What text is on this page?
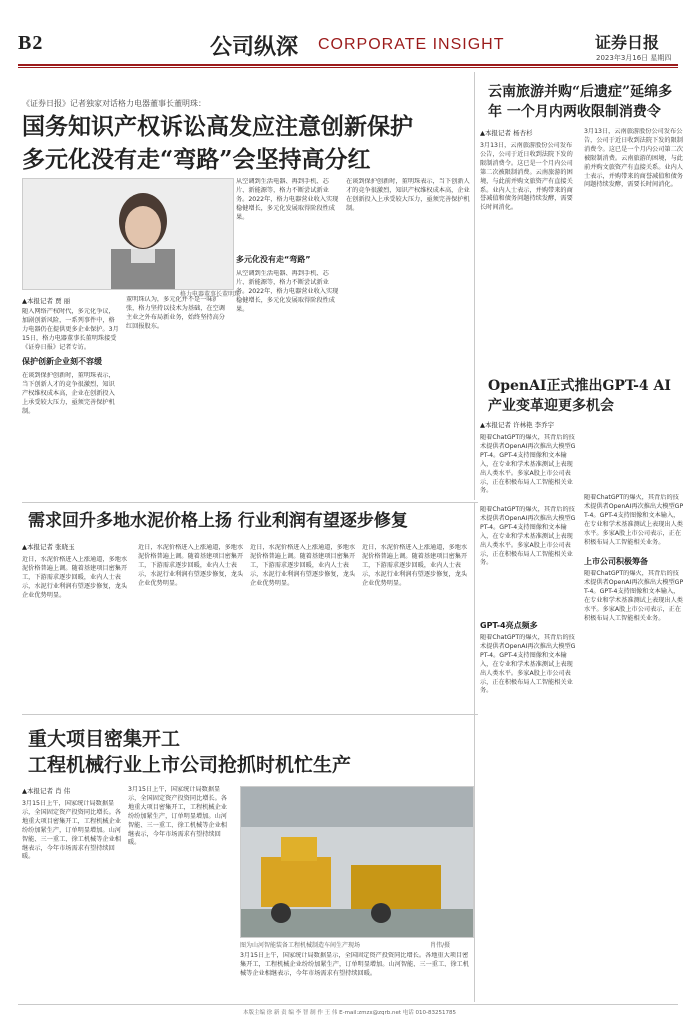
B2	公司纵深 CORPORATE INSIGHT	证券日报
2023年3月16日 星期四
《证券日报》记者独家对话格力电器董事长董明珠：
国务知识产权诉讼高发应注意创新保护
多元化没有走“弯路”会坚持高分红
格力电器董事长董明珠
▲本报记者 贾 丽
随入网络产权时代，多元化争议，加剧创新风险，一系列事件中，格力电器仍在提供更多企业保护。3月15日，格力电器董事长董明珠接受《证券日报》记者专访。
保护创新企业刻不容缓
在谈到保护创新时，董明珠表示，当下创新人才的竞争很激烈，知识产权维权成本高，企业在创新投入上承受较大压力，亟须完善保护机制。
董明珠认为，多元化并不是一味扩张，格力坚持以技术为基础，在空调主业之外布局新业务，始终坚持高分红回报股东。
从空调到生活电器、再到手机、芯片、新能源等，格力不断尝试新业务。2022年，格力电器营业收入实现稳健增长，多元化发展取得阶段性成果。
多元化没有走“弯路”
从空调到生活电器、再到手机、芯片、新能源等，格力不断尝试新业务。2022年，格力电器营业收入实现稳健增长，多元化发展取得阶段性成果。
在谈到保护创新时，董明珠表示，当下创新人才的竞争很激烈，知识产权维权成本高，企业在创新投入上承受较大压力，亟须完善保护机制。
云南旅游并购“后遗症”延绵多年 一个月内两收限制消费令
▲本报记者 杨杏杉
3月13日，云南旅游股份公司发布公告，公司于近日收到法院下发的限制消费令。这已是一个月内公司第二次被限制消费。云南旅游的困境，与此前并购文旅资产有直接关系。业内人士表示，并购带来的商誉减值和债务问题持续发酵，需要长时间消化。
3月13日，云南旅游股份公司发布公告，公司于近日收到法院下发的限制消费令。这已是一个月内公司第二次被限制消费。云南旅游的困境，与此前并购文旅资产有直接关系。业内人士表示，并购带来的商誉减值和债务问题持续发酵，需要长时间消化。
OpenAI正式推出GPT-4 AI产业变革迎更多机会
▲本报记者 许林艳 李乔宇
随着ChatGPT的爆火，其背后的技术提供者OpenAI再次推出大模型GPT-4。GPT-4支持图像和文本输入，在专业和学术基准测试上表现出人类水平。多家A股上市公司表示，正在积极布局人工智能相关业务。
需求回升多地水泥价格上扬 行业利润有望逐步修复
▲本报记者 张晓玉
近日，水泥价格进入上涨通道，多地水泥价格普遍上调。随着基建项目密集开工，下游需求逐步回暖，业内人士表示，水泥行业利润有望逐步修复，龙头企业优势明显。
近日，水泥价格进入上涨通道，多地水泥价格普遍上调。随着基建项目密集开工，下游需求逐步回暖，业内人士表示，水泥行业利润有望逐步修复，龙头企业优势明显。
近日，水泥价格进入上涨通道，多地水泥价格普遍上调。随着基建项目密集开工，下游需求逐步回暖，业内人士表示，水泥行业利润有望逐步修复，龙头企业优势明显。
近日，水泥价格进入上涨通道，多地水泥价格普遍上调。随着基建项目密集开工，下游需求逐步回暖，业内人士表示，水泥行业利润有望逐步修复，龙头企业优势明显。
重大项目密集开工
工程机械行业上市公司抢抓时机忙生产
▲本报记者 肖 伟
3月15日上午，国家统计局数据显示，全国固定资产投资同比增长。各地重大项目密集开工，工程机械企业纷纷加紧生产，订单明显增加。山河智能、三一重工、徐工机械等企业相继表示，今年市场需求有望持续回暖。
3月15日上午，国家统计局数据显示，全国固定资产投资同比增长。各地重大项目密集开工，工程机械企业纷纷加紧生产，订单明显增加。山河智能、三一重工、徐工机械等企业相继表示，今年市场需求有望持续回暖。
图为山河智能装备工程机械制造车间生产现场	肖伟/摄
3月15日上午，国家统计局数据显示，全国固定资产投资同比增长。各地重大项目密集开工，工程机械企业纷纷加紧生产，订单明显增加。山河智能、三一重工、徐工机械等企业相继表示，今年市场需求有望持续回暖。
随着ChatGPT的爆火，其背后的技术提供者OpenAI再次推出大模型GPT-4。GPT-4支持图像和文本输入，在专业和学术基准测试上表现出人类水平。多家A股上市公司表示，正在积极布局人工智能相关业务。
GPT-4亮点频多
随着ChatGPT的爆火，其背后的技术提供者OpenAI再次推出大模型GPT-4。GPT-4支持图像和文本输入，在专业和学术基准测试上表现出人类水平。多家A股上市公司表示，正在积极布局人工智能相关业务。
随着ChatGPT的爆火，其背后的技术提供者OpenAI再次推出大模型GPT-4。GPT-4支持图像和文本输入，在专业和学术基准测试上表现出人类水平。多家A股上市公司表示，正在积极布局人工智能相关业务。
上市公司积极筹备
随着ChatGPT的爆火，其背后的技术提供者OpenAI再次推出大模型GPT-4。GPT-4支持图像和文本输入，在专业和学术基准测试上表现出人类水平。多家A股上市公司表示，正在积极布局人工智能相关业务。
本版主编 徐 新 责 编 李 智 制 作 王 伟 E-mail:zmzx@zqrb.net 电话 010-83251785
